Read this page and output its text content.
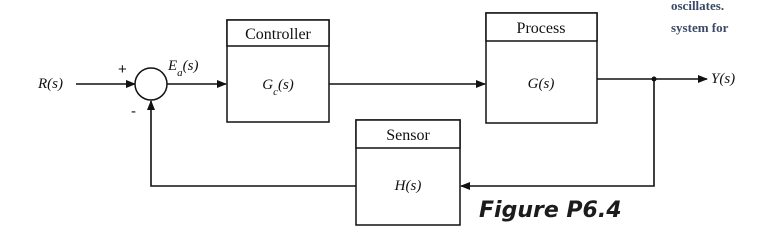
oscillates.
system for
R(s)
+
-
$E_a(s)$
Controller
$G_c(s)$
Process
G(s)	Y(s)
Sensor
H(s)
Figure P6.4
